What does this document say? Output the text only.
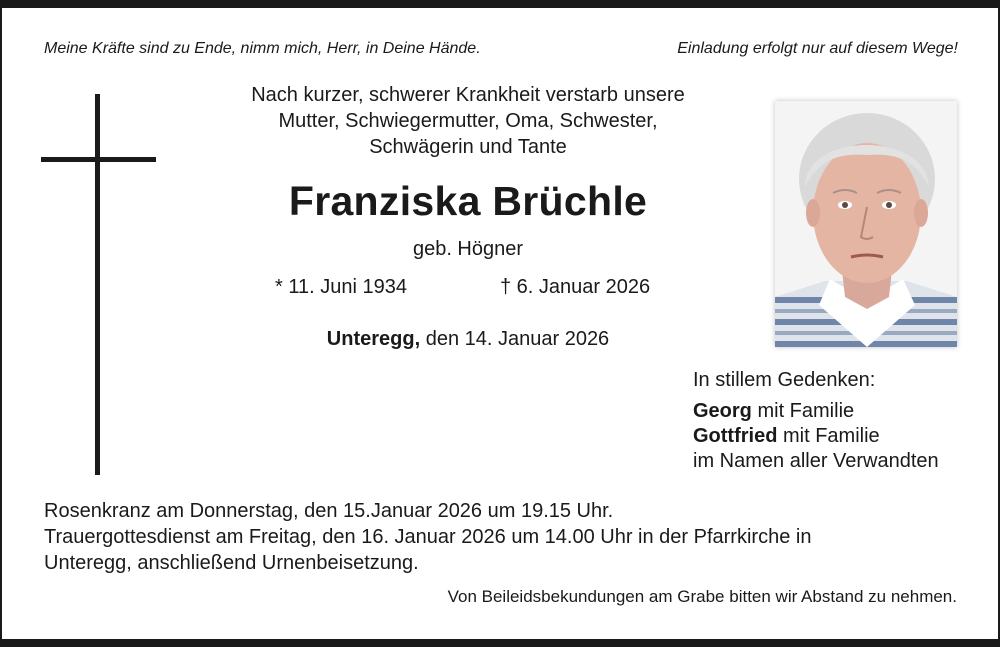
Meine Kräfte sind zu Ende, nimm mich, Herr, in Deine Hände.	Einladung erfolgt nur auf diesem Wege!
Nach kurzer, schwerer Krankheit verstarb unsere
Mutter, Schwiegermutter, Oma, Schwester,
Schwägerin und Tante
Franziska Brüchle
geb. Högner
* 11. Juni 1934	† 6. Januar 2026
Unteregg, den 14. Januar 2026
In stillem Gedenken:
Georg mit Familie
Gottfried mit Familie
im Namen aller Verwandten
Rosenkranz am Donnerstag, den 15.Januar 2026 um 19.15 Uhr.
Trauergottesdienst am Freitag, den 16. Januar 2026 um 14.00 Uhr in der Pfarrkirche in
Unteregg, anschließend Urnenbeisetzung.
Von Beileidsbekundungen am Grabe bitten wir Abstand zu nehmen.
